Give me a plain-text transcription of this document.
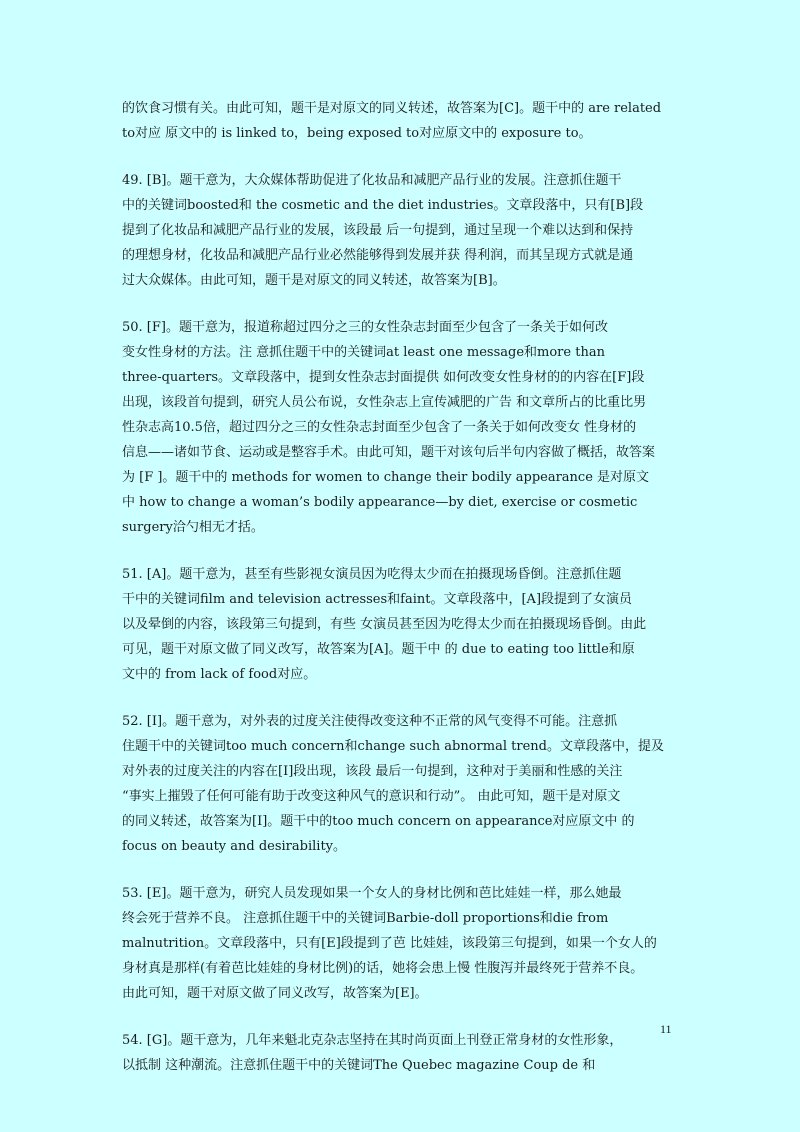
的饮食习惯有关。由此可知，题干是对原文的同义转述，故答案为[C]。题干中的 are related
to对应 原文中的 is linked to，being exposed to对应原文中的 exposure to。
49. [B]。题干意为，大众媒体帮助促进了化妆品和减肥产品行业的发展。注意抓住题干
中的关键词boosted和 the cosmetic and the diet industries。文章段落中，只有[B]段
提到了化妆品和减肥产品行业的发展，该段最 后一句提到，通过呈现一个难以达到和保持
的理想身材，化妆品和减肥产品行业必然能够得到发展并获 得利润，而其呈现方式就是通
过大众媒体。由此可知，题干是对原文的同义转述，故答案为[B]。
50. [F]。题干意为，报道称超过四分之三的女性杂志封面至少包含了一条关于如何改
变女性身材的方法。注 意抓住题干中的关键词at least one message和more than
three-quarters。文章段落中，提到女性杂志封面提供 如何改变女性身材的的内容在[F]段
出现，该段首句提到，研究人员公布说，女性杂志上宣传减肥的广告 和文章所占的比重比男
性杂志高10.5倍，超过四分之三的女性杂志封面至少包含了一条关于如何改变女 性身材的
信息——诸如节食、运动或是整容手术。由此可知，题干对该句后半句内容做了概括，故答案
为 [F ]。题干中的 methods for women to change their bodily appearance 是对原文
中 how to change a woman’s bodily appearance—by diet, exercise or cosmetic
surgery洽勺相无才括。
51. [A]。题干意为，甚至有些影视女演员因为吃得太少而在拍摄现场昏倒。注意抓住题
干中的关键词film and television actresses和faint。文章段落中，[A]段提到了女演员
以及晕倒的内容，该段第三句提到，有些 女演员甚至因为吃得太少而在拍摄现场昏倒。由此
可见，题干对原文做了同义改写，故答案为[A]。题干中 的 due to eating too little和原
文中的 from lack of food对应。
52. [I]。题干意为，对外表的过度关注使得改变这种不正常的风气变得不可能。注意抓
住题干中的关键词too much concern和change such abnormal trend。文章段落中，提及
对外表的过度关注的内容在[I]段出现，该段 最后一句提到，这种对于美丽和性感的关注
“事实上摧毁了任何可能有助于改变这种风气的意识和行动”。 由此可知，题干是对原文
的同义转述，故答案为[I]。题干中的too much concern on appearance对应原文中 的
focus on beauty and desirability。
53. [E]。题干意为，研究人员发现如果一个女人的身材比例和芭比娃娃一样，那么她最
终会死于营养不良。 注意抓住题干中的关键词Barbie-doll proportions和die from
malnutrition。文章段落中，只有[E]段提到了芭 比娃娃，该段第三句提到，如果一个女人的
身材真是那样(有着芭比娃娃的身材比例)的话，她将会患上慢 性腹泻并最终死于营养不良。
由此可知，题干对原文做了同义改写，故答案为[E]。
54. [G]。题干意为，几年来魁北克杂志坚持在其时尚页面上刊登正常身材的女性形象，
以抵制 这种潮流。注意抓住题干中的关键词The Quebec magazine Coup de 和
11
